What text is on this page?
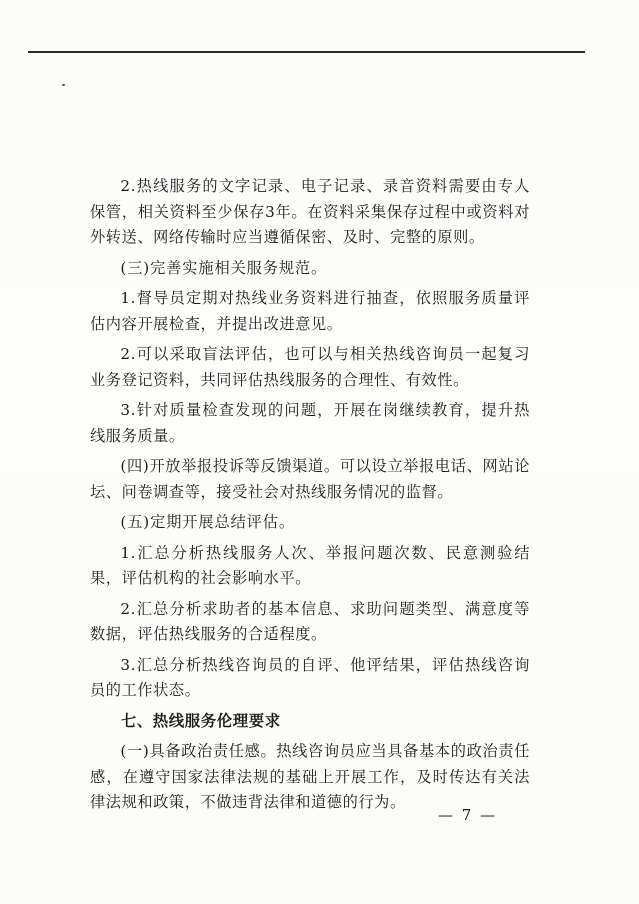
2.热线服务的文字记录、电子记录、录音资料需要由专人保管，相关资料至少保存3年。在资料采集保存过程中或资料对外转送、网络传输时应当遵循保密、及时、完整的原则。

(三)完善实施相关服务规范。

1.督导员定期对热线业务资料进行抽查，依照服务质量评估内容开展检查，并提出改进意见。

2.可以采取盲法评估，也可以与相关热线咨询员一起复习业务登记资料，共同评估热线服务的合理性、有效性。

3.针对质量检查发现的问题，开展在岗继续教育，提升热线服务质量。

(四)开放举报投诉等反馈渠道。可以设立举报电话、网站论坛、问卷调查等，接受社会对热线服务情况的监督。

(五)定期开展总结评估。

1.汇总分析热线服务人次、举报问题次数、民意测验结果，评估机构的社会影响水平。

2.汇总分析求助者的基本信息、求助问题类型、满意度等数据，评估热线服务的合适程度。

3.汇总分析热线咨询员的自评、他评结果，评估热线咨询员的工作状态。

七、热线服务伦理要求

(一)具备政治责任感。热线咨询员应当具备基本的政治责任感，在遵守国家法律法规的基础上开展工作，及时传达有关法律法规和政策，不做违背法律和道德的行为。

— 7 —
